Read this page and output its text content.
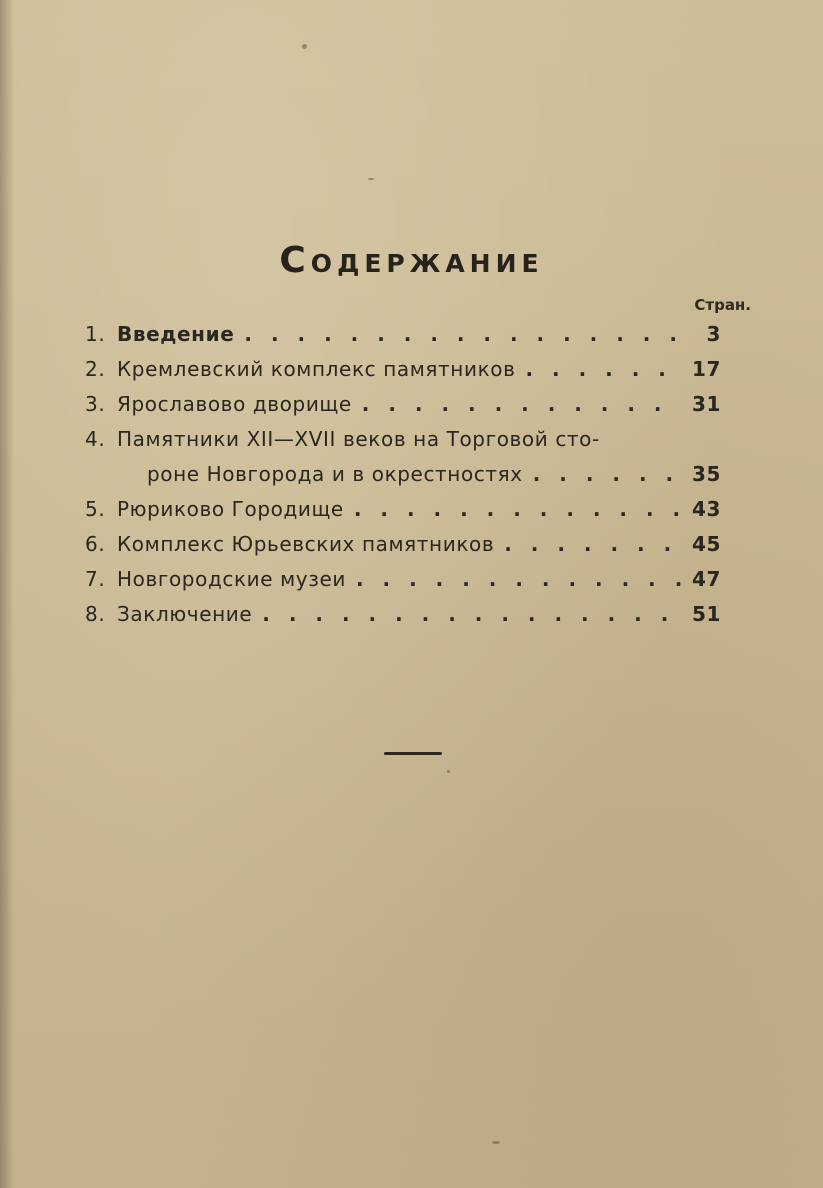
Содержание
Стран.
1. Введение . . .	3
2. Кремлевский комплекс памятников . . .	17
3. Ярославово дворище . . .	31
4. Памятники XII—XVII веков на Торговой сто-
роне Новгорода и в окрестностях . . .	35
5. Рюриково Городище . . .	43
6. Комплекс Юрьевских памятников . . .	45
7. Новгородские музеи . . .	47
8. Заключение . . .	51
